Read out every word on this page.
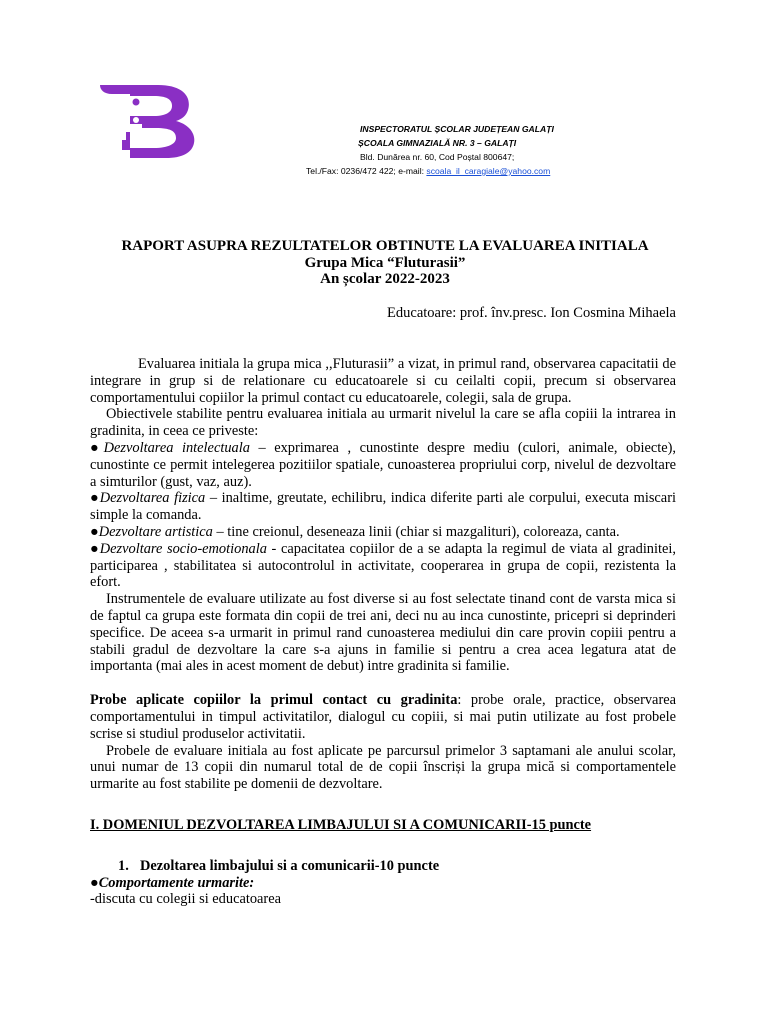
INSPECTORATUL ȘCOLAR JUDEȚEAN GALAȚI
ȘCOALA GIMNAZIALĂ NR. 3 – GALAȚI
Bld. Dunărea nr. 60, Cod Poștal 800647;
Tel./Fax: 0236/472 422; e-mail: scoala_il_caragiale@yahoo.com
RAPORT ASUPRA REZULTATELOR OBTINUTE LA EVALUAREA INITIALA
Grupa Mica “Fluturasii”
An școlar 2022-2023
Educatoare: prof. înv.presc. Ion Cosmina Mihaela

Evaluarea initiala la grupa mica ,,Fluturasii” a vizat, in primul rand, observarea capacitatii de integrare in grup si de relationare cu educatoarele si cu ceilalti copii, precum si observarea comportamentului copiilor la primul contact cu educatoarele, colegii, sala de grupa.

Obiectivele stabilite pentru evaluarea initiala au urmarit nivelul la care se afla copiii la intrarea in gradinita, in ceea ce priveste:

●Dezvoltarea intelectuala – exprimarea , cunostinte despre mediu (culori, animale, obiecte), cunostinte ce permit intelegerea pozitiilor spatiale, cunoasterea propriului corp, nivelul de dezvoltare a simturilor (gust, vaz, auz).

●Dezvoltarea fizica – inaltime, greutate, echilibru, indica diferite parti ale corpului, executa miscari simple la comanda.

●Dezvoltare artistica – tine creionul, deseneaza linii (chiar si mazgalituri), coloreaza, canta.

●Dezvoltare socio-emotionala - capacitatea copiilor de a se adapta la regimul de viata al gradinitei, participarea , stabilitatea si autocontrolul in activitate, cooperarea in grupa de copii, rezistenta la efort.

Instrumentele de evaluare utilizate au fost diverse si au fost selectate tinand cont de varsta mica si de faptul ca grupa este formata din copii de trei ani, deci nu au inca cunostinte, pricepri si deprinderi specifice. De aceea s-a urmarit in primul rand cunoasterea mediului din care provin copiii pentru a stabili gradul de dezvoltare la care s-a ajuns in familie si pentru a crea acea legatura atat de importanta (mai ales in acest moment de debut) intre gradinita si familie.

Probe aplicate copiilor la primul contact cu gradinita: probe orale, practice, observarea comportamentului in timpul activitatilor, dialogul cu copiii, si mai putin utilizate au fost probele scrise si studiul produselor activitatii.

Probele de evaluare initiala au fost aplicate pe parcursul primelor 3 saptamani ale anului scolar, unui numar de 13 copii din numarul total de de copii înscriși la grupa mică si comportamentele urmarite au fost stabilite pe domenii de dezvoltare.

I. DOMENIUL DEZVOLTAREA LIMBAJULUI SI A COMUNICARII-15 puncte

1. Dezoltarea limbajului si a comunicarii-10 puncte

●Comportamente urmarite:

-discuta cu colegii si educatoarea
